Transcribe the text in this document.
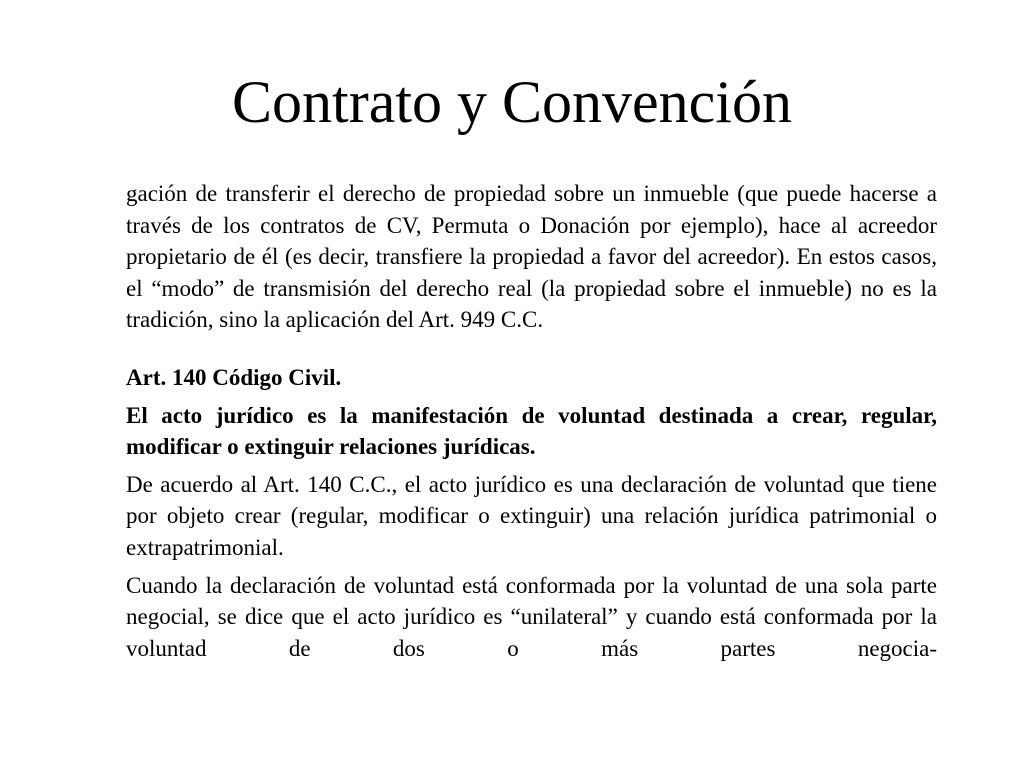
Contrato y Convención

gación de transferir el derecho de propiedad sobre un inmueble (que puede hacerse a través de los contratos de CV, Permuta o Donación por ejemplo), hace al acreedor propietario de él (es decir, transfiere la propiedad a favor del acreedor). En estos casos, el “modo” de transmisión del derecho real (la propiedad sobre el inmueble) no es la tradición, sino la aplicación del Art. 949 C.C.

Art. 140 Código Civil.

El acto jurídico es la manifestación de voluntad destinada a crear, regular, modificar o extinguir relaciones jurídicas.

De acuerdo al Art. 140 C.C., el acto jurídico es una declaración de voluntad que tiene por objeto crear (regular, modificar o extinguir) una relación jurídica patrimonial o extrapatrimonial.

Cuando la declaración de voluntad está conformada por la voluntad de una sola parte negocial, se dice que el acto jurídico es “unilateral” y cuando está conformada por la voluntad de dos o más partes negocia-
